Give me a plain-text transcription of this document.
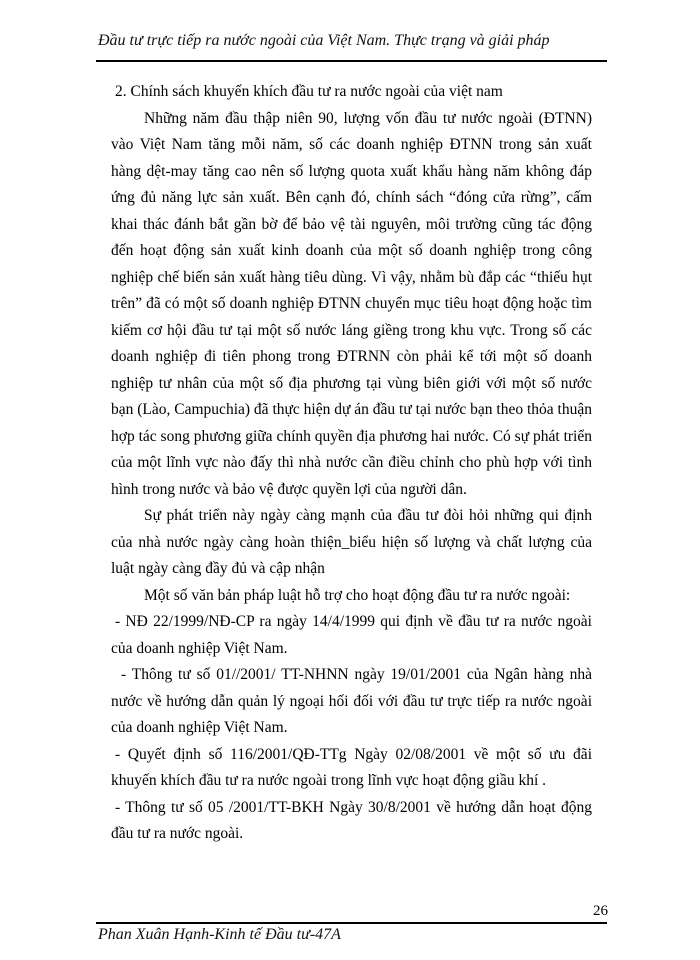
Đầu tư trực tiếp ra nước ngoài của Việt Nam. Thực trạng và giải pháp

2. Chính sách khuyến khích đầu tư ra nước ngoài của việt nam

Những năm đầu thập niên 90, lượng vốn đầu tư nước ngoài (ĐTNN) vào Việt Nam tăng mỗi năm, số các doanh nghiệp ĐTNN trong sản xuất hàng dệt-may tăng cao nên số lượng quota xuất khẩu hàng năm không đáp ứng đủ năng lực sản xuất. Bên cạnh đó, chính sách “đóng cửa rừng”, cấm khai thác đánh bắt gần bờ để bảo vệ tài nguyên, môi trường cũng tác động đến hoạt động sản xuất kinh doanh của một số doanh nghiệp trong công nghiệp chế biến sản xuất hàng tiêu dùng. Vì vậy, nhằm bù đắp các “thiếu hụt trên” đã có một số doanh nghiệp ĐTNN chuyển mục tiêu hoạt động hoặc tìm kiếm cơ hội đầu tư tại một số nước láng giềng trong khu vực. Trong số các doanh nghiệp đi tiên phong trong ĐTRNN còn phải kể tới một số doanh nghiệp tư nhân của một số địa phương tại vùng biên giới với một số nước bạn (Lào, Campuchia) đã thực hiện dự án đầu tư tại nước bạn theo thỏa thuận hợp tác song phương giữa chính quyền địa phương hai nước. Có sự phát triển của một lĩnh vực nào đấy thì nhà nước cần điều chỉnh cho phù hợp với tình hình trong nước và bảo vệ được quyền lợi của người dân.

Sự phát triển này ngày càng mạnh của đầu tư đòi hỏi những qui định của nhà nước ngày càng hoàn thiện_biểu hiện số lượng và chất lượng của luật ngày càng đầy đủ và cập nhận

Một số văn bản pháp luật hỗ trợ cho hoạt động đầu tư ra nước ngoài:

- NĐ 22/1999/NĐ-CP ra ngày 14/4/1999 qui định về đầu tư ra nước ngoài của doanh nghiệp Việt Nam.

- Thông tư số 01//2001/ TT-NHNN ngày 19/01/2001 của Ngân hàng nhà nước về hướng dẫn quản lý ngoại hối đối với đầu tư trực tiếp ra nước ngoài của doanh nghiệp Việt Nam.

- Quyết định số 116/2001/QĐ-TTg Ngày 02/08/2001 về một số ưu đãi khuyến khích đầu tư ra nước ngoài trong lĩnh vực hoạt động giầu khí .

- Thông tư số 05 /2001/TT-BKH Ngày 30/8/2001 về hướng dẫn hoạt động đầu tư ra nước ngoài.

26
Phan Xuân Hạnh-Kinh tế Đầu tư-47A
